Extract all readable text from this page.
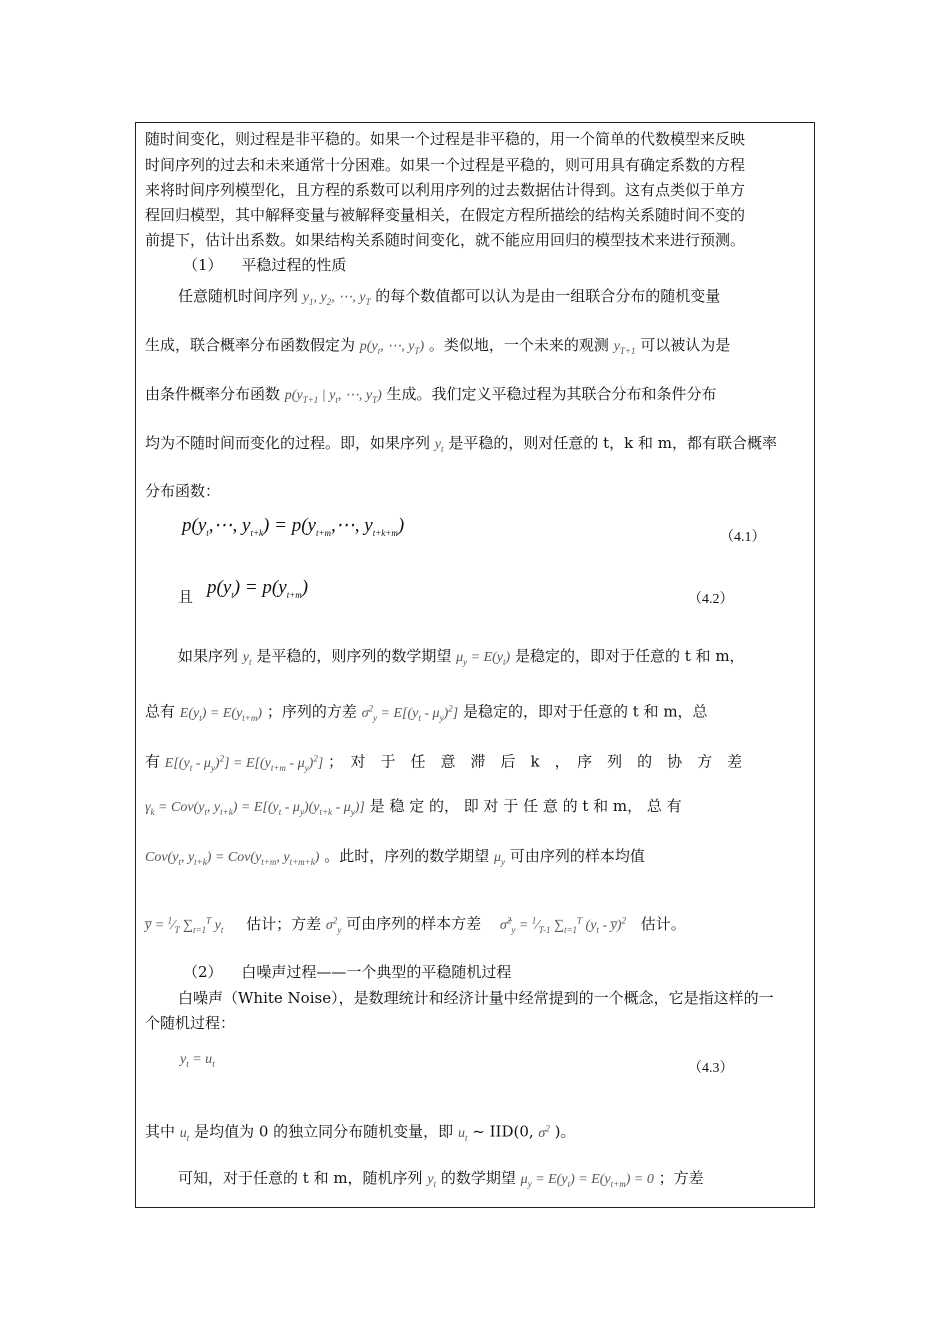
随时间变化，则过程是非平稳的。如果一个过程是非平稳的，用一个简单的代数模型来反映
时间序列的过去和未来通常十分困难。如果一个过程是平稳的，则可用具有确定系数的方程
来将时间序列模型化，且方程的系数可以利用序列的过去数据估计得到。这有点类似于单方
程回归模型，其中解释变量与被解释变量相关，在假定方程所描绘的结构关系随时间不变的
前提下，估计出系数。如果结构关系随时间变化，就不能应用回归的模型技术来进行预测。
（1） 平稳过程的性质
任意随机时间序列 $y_1$, $y_2$, ⋯, $y_T$ 的每个数值都可以认为是由一组联合分布的随机变量
生成，联合概率分布函数假定为 $p(y_t$, ⋯, $y_T$) 。类似地，一个未来的观测 $y_{T+1}$ 可以被认为是
由条件概率分布函数 $p(y_{T+1}$ | $y_t$, ⋯, $y_T$) 生成。我们定义平稳过程为其联合分布和条件分布
均为不随时间而变化的过程。即，如果序列 $y_t$ 是平稳的，则对任意的 t，k 和 m，都有联合概率
分布函数：
$p(y_t,\cdots$, $y_{t+k}$) = $p(y_{t+m},\cdots$, $y_{t+k+m}$)
（4.1）
且 $p(y_t) = p(y_{t+m})$
（4.2）
如果序列 $y_t$ 是平稳的，则序列的数学期望 $\mu_y = E(y_t)$ 是稳定的，即对于任意的 t 和 m，
总有 $E(y_t) = E(y_{t+m})$ ；序列的方差 $\sigma^2_y = E[(y_t - \mu_y)^2]$ 是稳定的，即对于任意的 t 和 m，总
有 $E[(y_t - \mu_y)^2] = E[(y_{t+m} - \mu_y)^2]$ ；　对　于　任　意　滞　后　k　，　序　列　的　协　方　差
$\gamma_k = Cov(y_t$, $y_{t+k}) = E[(y_t - \mu_y)(y_{t+k} - \mu_y)]$ 是 稳 定 的， 即 对 于 任 意 的 t 和 m， 总 有
$Cov(y_t$, $y_{t+k}) = Cov(y_{t+m}$, $y_{t+m+k}$) 。此时，序列的数学期望 $\mu_y$ 可由序列的样本均值
y̅ = $^1⁄_T$ $\sum_{t=1}^T$ $y_t$ 估计；方差 $\sigma^2_y$ 可由序列的样本方差 σ̂$^2_y$ = $^1⁄_{T-1}$ $\sum_{t=1}^T$ ($y_t$ - y̅)$^2$ 估计。
（2） 白噪声过程——一个典型的平稳随机过程
白噪声（White Noise），是数理统计和经济计量中经常提到的一个概念，它是指这样的一
个随机过程：
$y_t = u_t$	（4.3）
其中 $u_t$ 是均值为 0 的独立同分布随机变量，即 $u_t$ ~ IID(0, $\sigma^2$ )。
可知，对于任意的 t 和 m，随机序列 $y_t$ 的数学期望 $\mu_y = E(y_t) = E(y_{t+m}) = 0$ ；方差
